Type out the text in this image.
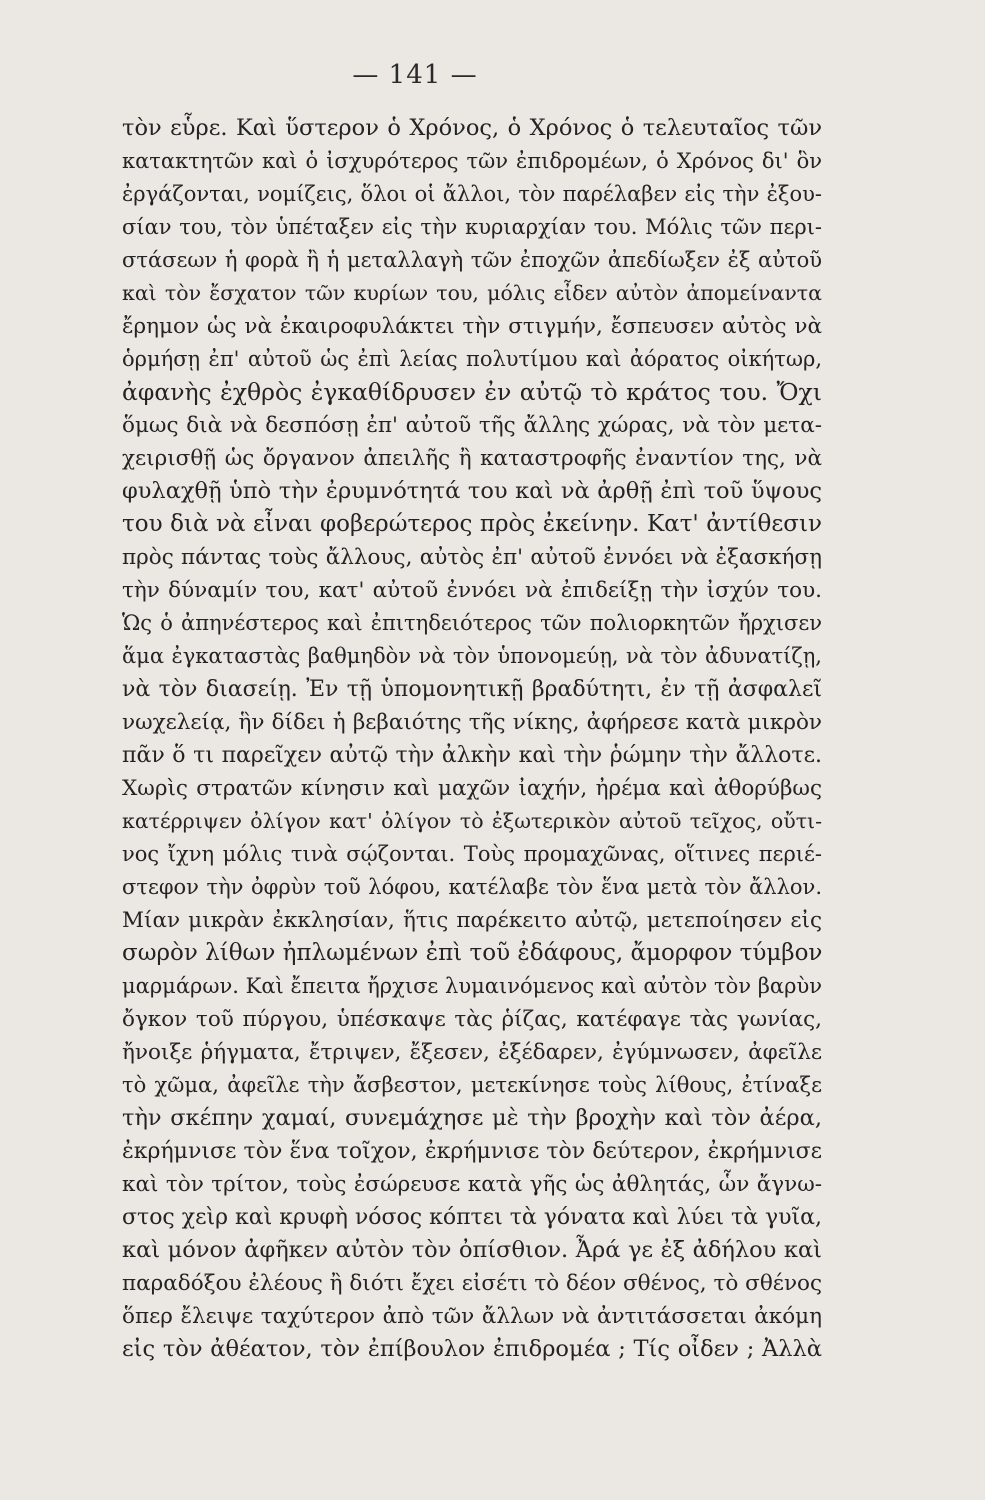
— 141 —
τὸν εὗρε. Καὶ ὕστερον ὁ Χρόνος, ὁ Χρόνος ὁ τελευταῖος τῶν
κατακτητῶν καὶ ὁ ἰσχυρότερος τῶν ἐπιδρομέων, ὁ Χρόνος δι' ὃν
ἐργάζονται, νομίζεις, ὅλοι οἱ ἄλλοι, τὸν παρέλαβεν εἰς τὴν ἐξου-
σίαν του, τὸν ὑπέταξεν εἰς τὴν κυριαρχίαν του. Μόλις τῶν περι-
στάσεων ἡ φορὰ ἢ ἡ μεταλλαγὴ τῶν ἐποχῶν ἀπεδίωξεν ἐξ αὐτοῦ
καὶ τὸν ἔσχατον τῶν κυρίων του, μόλις εἶδεν αὐτὸν ἀπομείναντα
ἔρημον ὡς νὰ ἐκαιροφυλάκτει τὴν στιγμήν, ἔσπευσεν αὐτὸς νὰ
ὁρμήσῃ ἐπ' αὐτοῦ ὡς ἐπὶ λείας πολυτίμου καὶ ἀόρατος οἰκήτωρ,
ἀφανὴς ἐχθρὸς ἐγκαθίδρυσεν ἐν αὐτῷ τὸ κράτος του. Ὄχι
ὅμως διὰ νὰ δεσπόσῃ ἐπ' αὐτοῦ τῆς ἄλλης χώρας, νὰ τὸν μετα-
χειρισθῇ ὡς ὄργανον ἀπειλῆς ἢ καταστροφῆς ἐναντίον της, νὰ
φυλαχθῇ ὑπὸ τὴν ἐρυμνότητά του καὶ νὰ ἀρθῇ ἐπὶ τοῦ ὕψους
του διὰ νὰ εἶναι φοβερώτερος πρὸς ἐκείνην. Κατ' ἀντίθεσιν
πρὸς πάντας τοὺς ἄλλους, αὐτὸς ἐπ' αὐτοῦ ἐννόει νὰ ἐξασκήσῃ
τὴν δύναμίν του, κατ' αὐτοῦ ἐννόει νὰ ἐπιδείξῃ τὴν ἰσχύν του.
Ὡς ὁ ἀπηνέστερος καὶ ἐπιτηδειότερος τῶν πολιορκητῶν ἤρχισεν
ἅμα ἐγκαταστὰς βαθμηδὸν νὰ τὸν ὑπονομεύῃ, νὰ τὸν ἀδυνατίζῃ,
νὰ τὸν διασείῃ. Ἐν τῇ ὑπομονητικῇ βραδύτητι, ἐν τῇ ἀσφαλεῖ
νωχελείᾳ, ἣν δίδει ἡ βεβαιότης τῆς νίκης, ἀφήρεσε κατὰ μικρὸν
πᾶν ὅ τι παρεῖχεν αὐτῷ τὴν ἀλκὴν καὶ τὴν ῥώμην τὴν ἄλλοτε.
Χωρὶς στρατῶν κίνησιν καὶ μαχῶν ἰαχήν, ἠρέμα καὶ ἀθορύβως
κατέρριψεν ὀλίγον κατ' ὀλίγον τὸ ἐξωτερικὸν αὐτοῦ τεῖχος, οὔτι-
νος ἴχνη μόλις τινὰ σῴζονται. Τοὺς προμαχῶνας, οἵτινες περιέ-
στεφον τὴν ὀφρὺν τοῦ λόφου, κατέλαβε τὸν ἕνα μετὰ τὸν ἄλλον.
Μίαν μικρὰν ἐκκλησίαν, ἥτις παρέκειτο αὐτῷ, μετεποίησεν εἰς
σωρὸν λίθων ἠπλωμένων ἐπὶ τοῦ ἐδάφους, ἄμορφον τύμβον
μαρμάρων. Καὶ ἔπειτα ἤρχισε λυμαινόμενος καὶ αὐτὸν τὸν βαρὺν
ὄγκον τοῦ πύργου, ὑπέσκαψε τὰς ῥίζας, κατέφαγε τὰς γωνίας,
ἤνοιξε ῥήγματα, ἔτριψεν, ἔξεσεν, ἐξέδαρεν, ἐγύμνωσεν, ἀφεῖλε
τὸ χῶμα, ἀφεῖλε τὴν ἄσβεστον, μετεκίνησε τοὺς λίθους, ἐτίναξε
τὴν σκέπην χαμαί, συνεμάχησε μὲ τὴν βροχὴν καὶ τὸν ἀέρα,
ἐκρήμνισε τὸν ἕνα τοῖχον, ἐκρήμνισε τὸν δεύτερον, ἐκρήμνισε
καὶ τὸν τρίτον, τοὺς ἐσώρευσε κατὰ γῆς ὡς ἀθλητάς, ὧν ἄγνω-
στος χεὶρ καὶ κρυφὴ νόσος κόπτει τὰ γόνατα καὶ λύει τὰ γυῖα,
καὶ μόνον ἀφῆκεν αὐτὸν τὸν ὀπίσθιον. Ἆρά γε ἐξ ἀδήλου καὶ
παραδόξου ἐλέους ἢ διότι ἔχει εἰσέτι τὸ δέον σθένος, τὸ σθένος
ὅπερ ἔλειψε ταχύτερον ἀπὸ τῶν ἄλλων νὰ ἀντιτάσσεται ἀκόμη
εἰς τὸν ἀθέατον, τὸν ἐπίβουλον ἐπιδρομέα ; Τίς οἶδεν ; Ἀλλὰ
